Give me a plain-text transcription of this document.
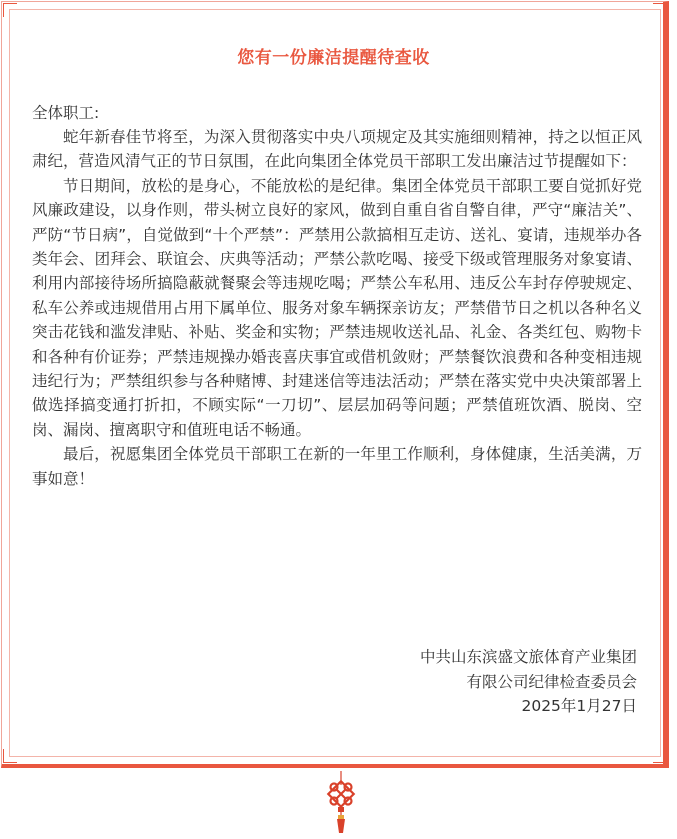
您有一份廉洁提醒待查收
全体职工:

蛇年新春佳节将至，为深入贯彻落实中央八项规定及其实施细则精神，持之以恒正风肃纪，营造风清气正的节日氛围，在此向集团全体党员干部职工发出廉洁过节提醒如下：

节日期间，放松的是身心，不能放松的是纪律。集团全体党员干部职工要自觉抓好党风廉政建设，以身作则，带头树立良好的家风，做到自重自省自警自律，严守“廉洁关”、严防“节日病”，自觉做到“十个严禁”：严禁用公款搞相互走访、送礼、宴请，违规举办各类年会、团拜会、联谊会、庆典等活动；严禁公款吃喝、接受下级或管理服务对象宴请、利用内部接待场所搞隐蔽就餐聚会等违规吃喝；严禁公车私用、违反公车封存停驶规定、私车公养或违规借用占用下属单位、服务对象车辆探亲访友；严禁借节日之机以各种名义突击花钱和滥发津贴、补贴、奖金和实物；严禁违规收送礼品、礼金、各类红包、购物卡和各种有价证券；严禁违规操办婚丧喜庆事宜或借机敛财；严禁餐饮浪费和各种变相违规违纪行为；严禁组织参与各种赌博、封建迷信等违法活动；严禁在落实党中央决策部署上做选择搞变通打折扣，不顾实际“一刀切”、层层加码等问题；严禁值班饮酒、脱岗、空岗、漏岗、擅离职守和值班电话不畅通。

最后，祝愿集团全体党员干部职工在新的一年里工作顺利，身体健康，生活美满，万事如意！

中共山东滨盛文旅体育产业集团
有限公司纪律检查委员会
2025年1月27日
